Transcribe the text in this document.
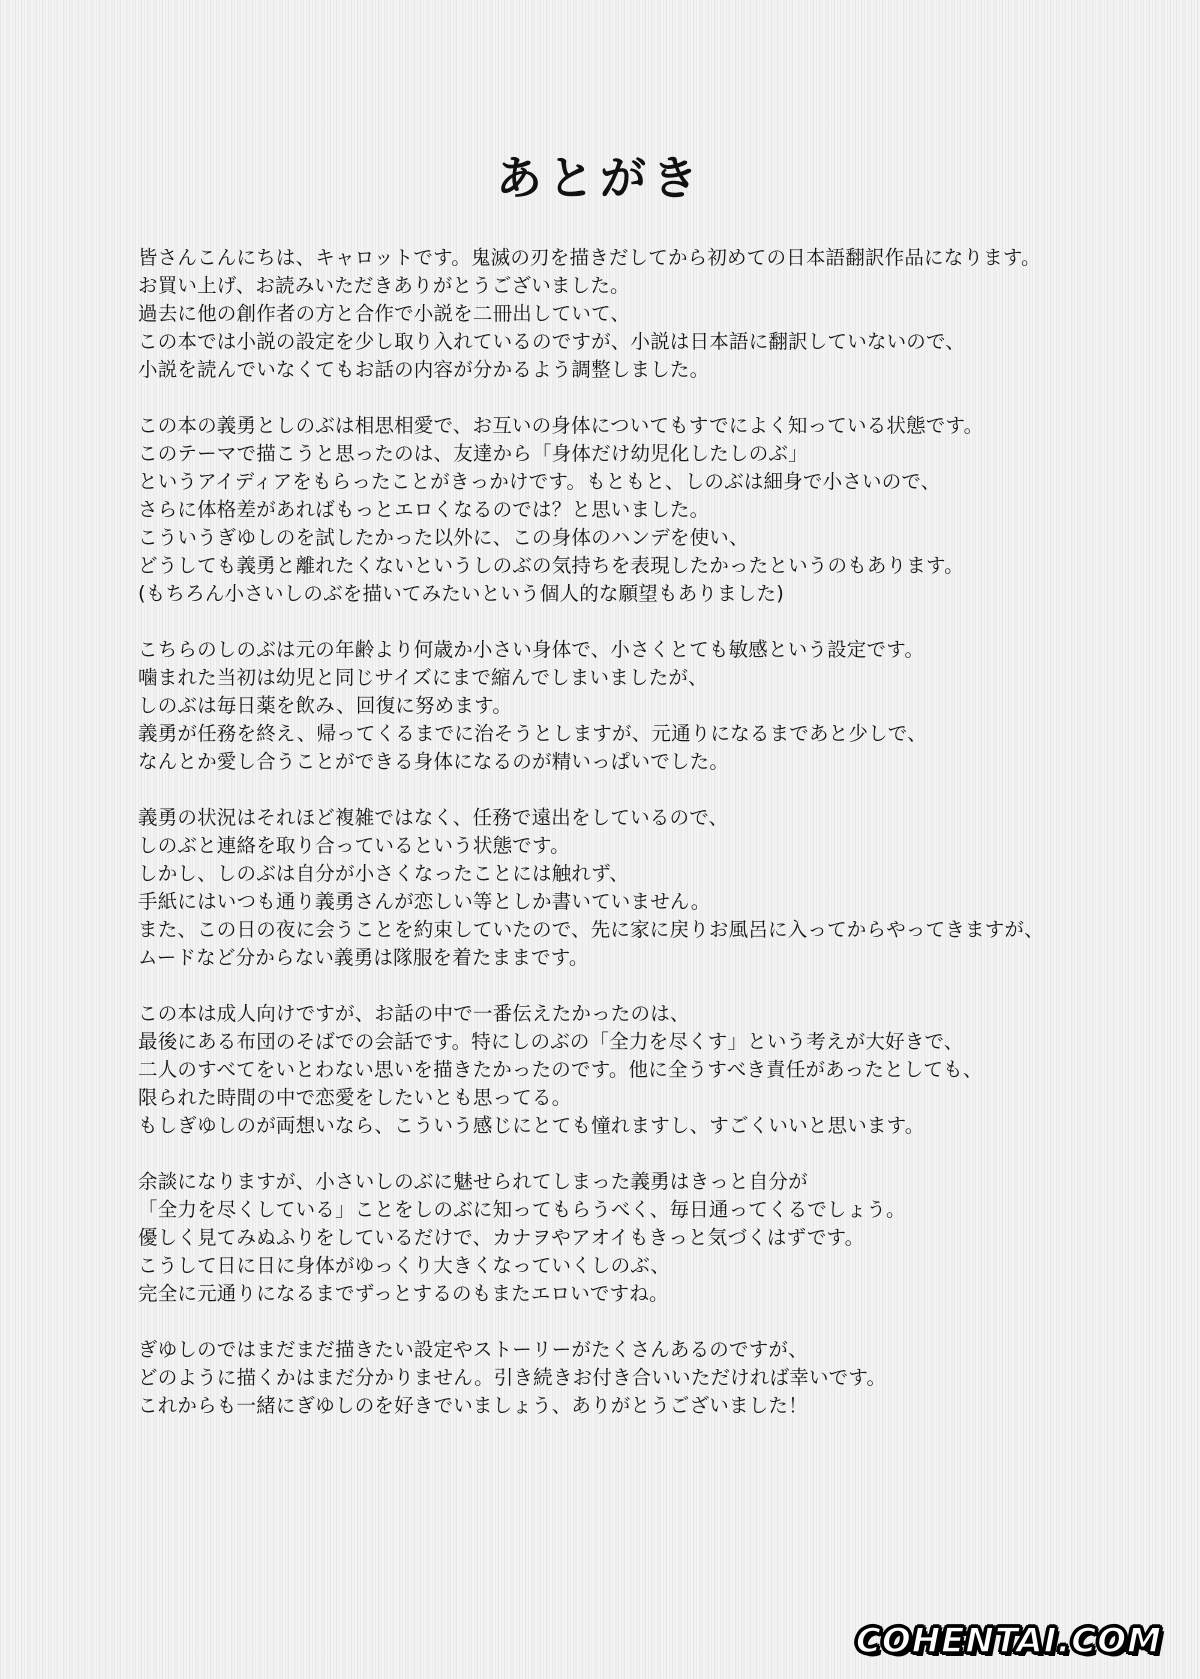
あとがき
皆さんこんにちは、キャロットです。鬼滅の刃を描きだしてから初めての日本語翻訳作品になります。
お買い上げ、お読みいただきありがとうございました。
過去に他の創作者の方と合作で小説を二冊出していて、
この本では小説の設定を少し取り入れているのですが、小説は日本語に翻訳していないので、
小説を読んでいなくてもお話の内容が分かるよう調整しました。
この本の義勇としのぶは相思相愛で、お互いの身体についてもすでによく知っている状態です。
このテーマで描こうと思ったのは、友達から「身体だけ幼児化したしのぶ」
というアイディアをもらったことがきっかけです。もともと、しのぶは細身で小さいので、
さらに体格差があればもっとエロくなるのでは？と思いました。
こういうぎゆしのを試したかった以外に、この身体のハンデを使い、
どうしても義勇と離れたくないというしのぶの気持ちを表現したかったというのもあります。
(もちろん小さいしのぶを描いてみたいという個人的な願望もありました)
こちらのしのぶは元の年齢より何歳か小さい身体で、小さくとても敏感という設定です。
噛まれた当初は幼児と同じサイズにまで縮んでしまいましたが、
しのぶは毎日薬を飲み、回復に努めます。
義勇が任務を終え、帰ってくるまでに治そうとしますが、元通りになるまであと少しで、
なんとか愛し合うことができる身体になるのが精いっぱいでした。
義勇の状況はそれほど複雑ではなく、任務で遠出をしているので、
しのぶと連絡を取り合っているという状態です。
しかし、しのぶは自分が小さくなったことには触れず、
手紙にはいつも通り義勇さんが恋しい等としか書いていません。
また、この日の夜に会うことを約束していたので、先に家に戻りお風呂に入ってからやってきますが、
ムードなど分からない義勇は隊服を着たままです。
この本は成人向けですが、お話の中で一番伝えたかったのは、
最後にある布団のそばでの会話です。特にしのぶの「全力を尽くす」という考えが大好きで、
二人のすべてをいとわない思いを描きたかったのです。他に全うすべき責任があったとしても、
限られた時間の中で恋愛をしたいとも思ってる。
もしぎゆしのが両想いなら、こういう感じにとても憧れますし、すごくいいと思います。
余談になりますが、小さいしのぶに魅せられてしまった義勇はきっと自分が
「全力を尽くしている」ことをしのぶに知ってもらうべく、毎日通ってくるでしょう。
優しく見てみぬふりをしているだけで、カナヲやアオイもきっと気づくはずです。
こうして日に日に身体がゆっくり大きくなっていくしのぶ、
完全に元通りになるまでずっとするのもまたエロいですね。
ぎゆしのではまだまだ描きたい設定やストーリーがたくさんあるのですが、
どのように描くかはまだ分かりません。引き続きお付き合いいただければ幸いです。
これからも一緒にぎゆしのを好きでいましょう、ありがとうございました！
COHENTAI.COM
